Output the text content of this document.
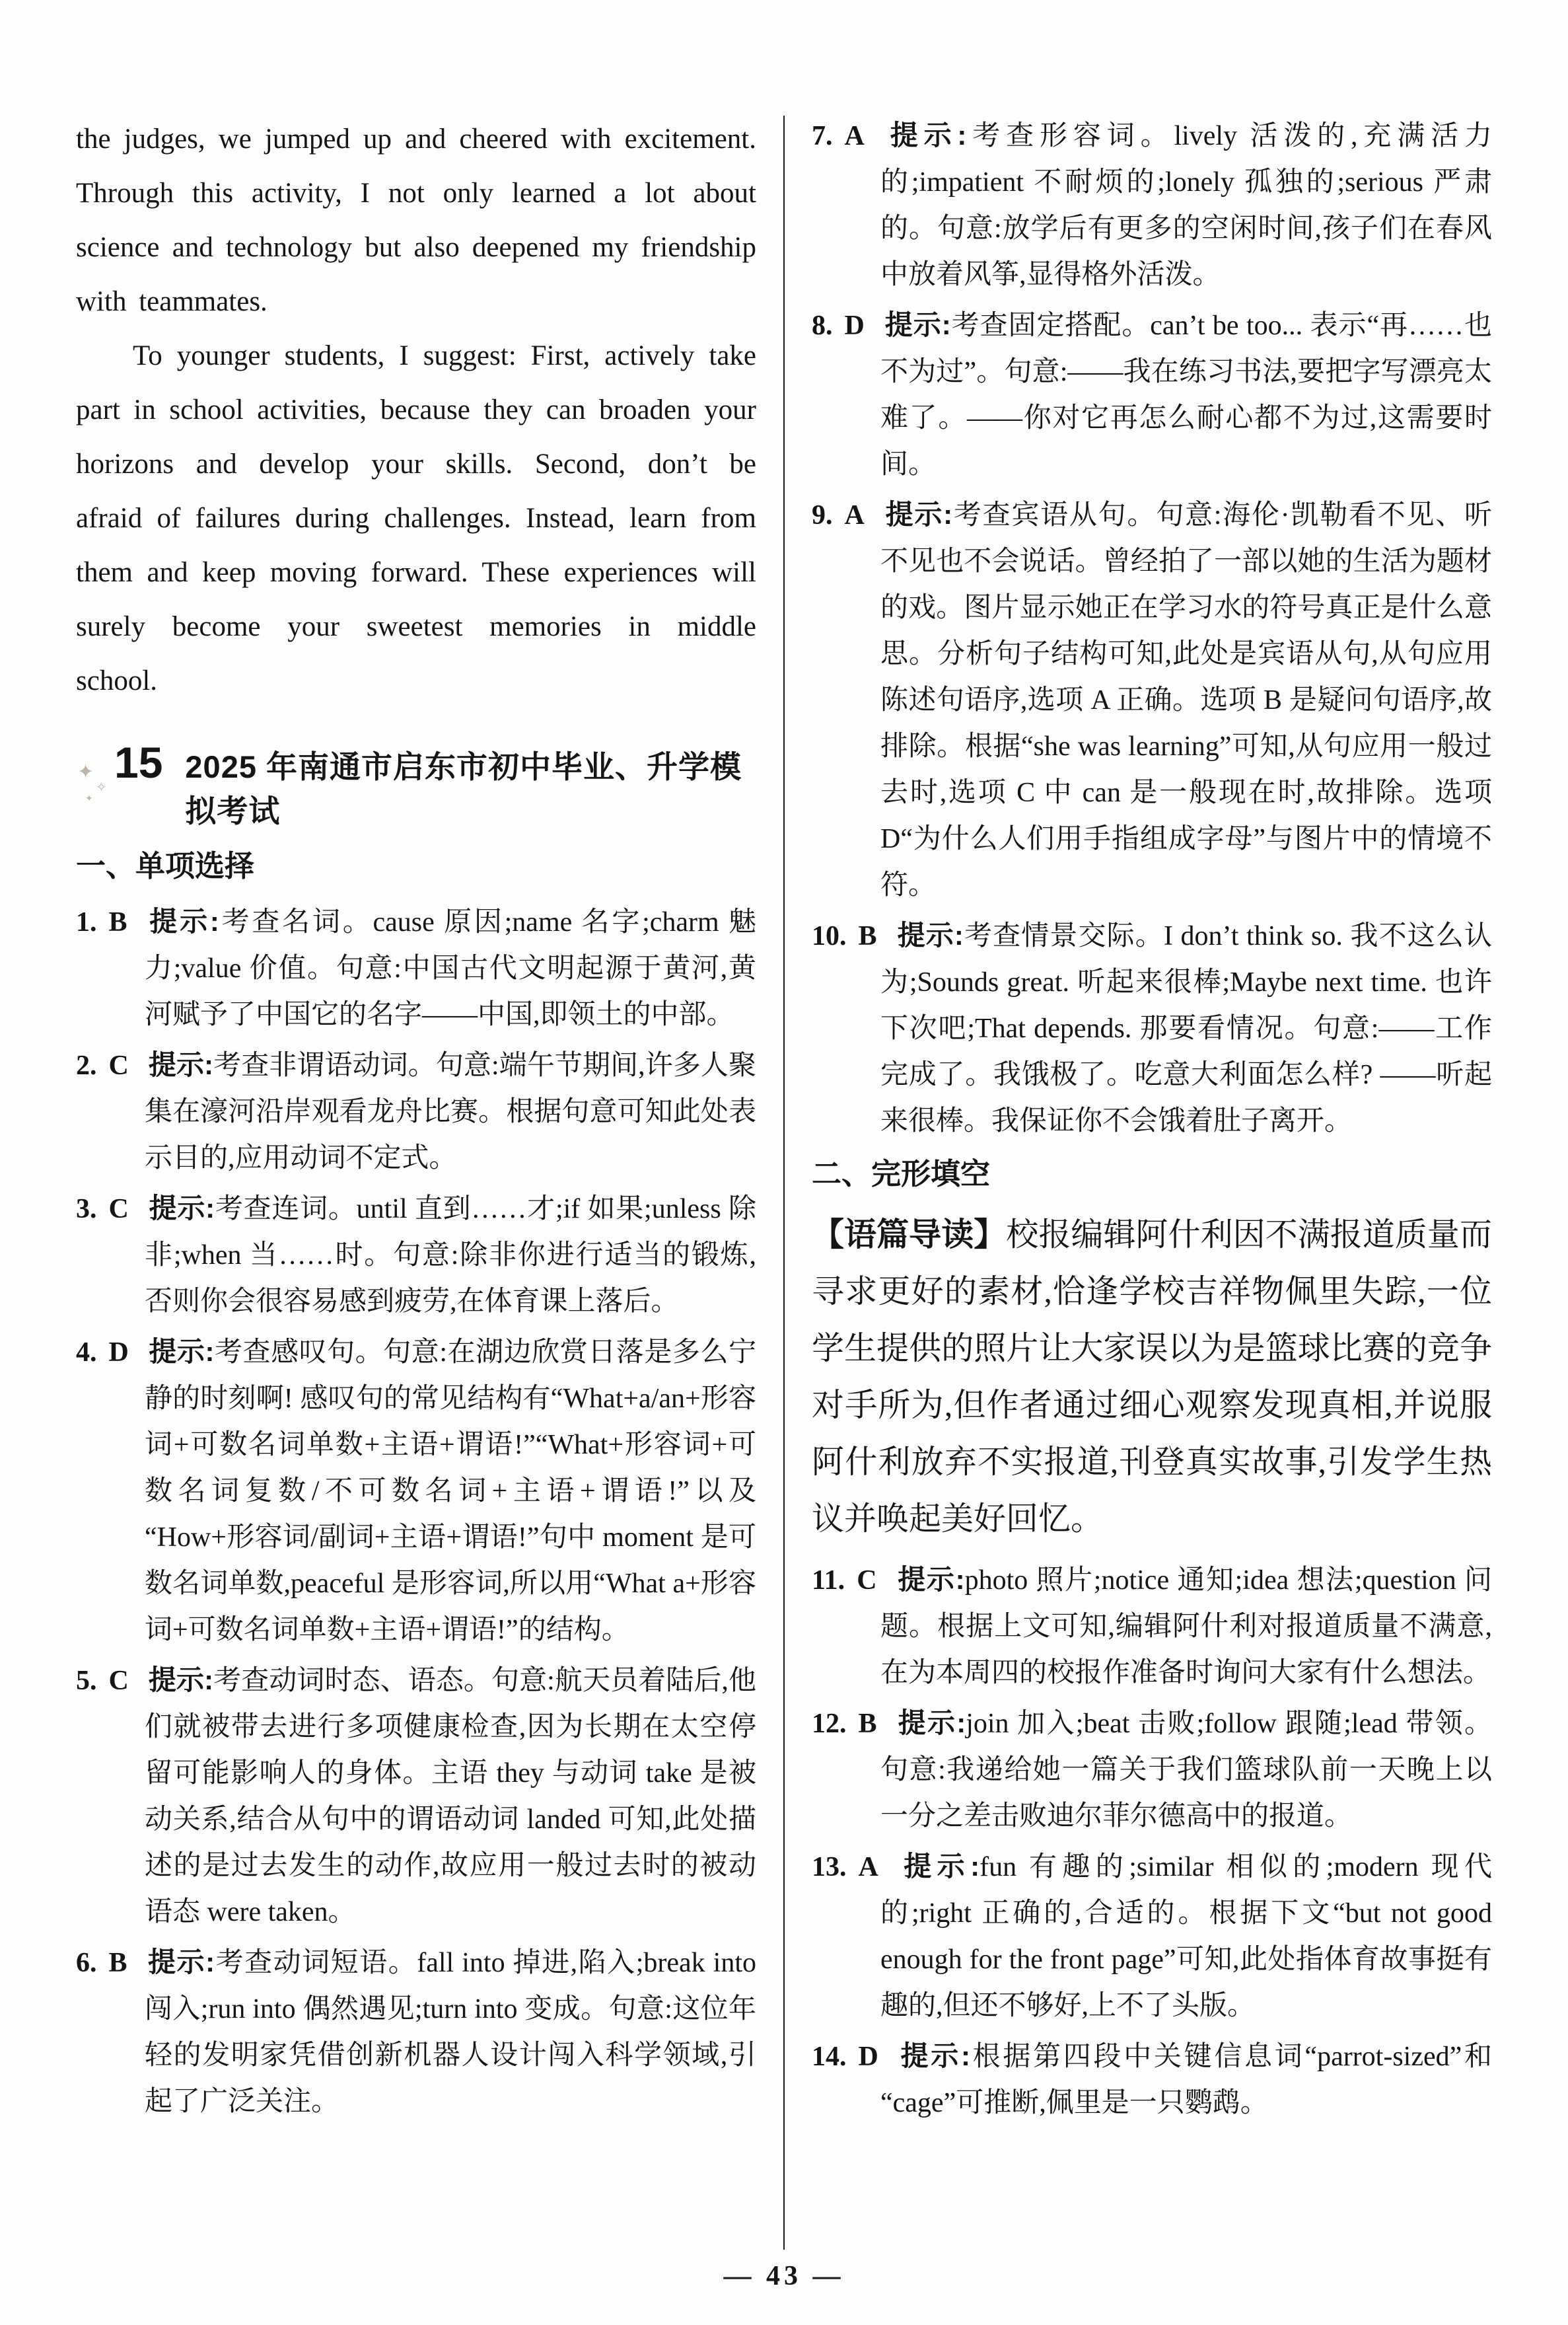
the judges, we jumped up and cheered with excitement. Through this activity, I not only learned a lot about science and technology but also deepened my friendship with teammates.

To younger students, I suggest: First, actively take part in school activities, because they can broaden your horizons and develop your skills. Second, don’t be afraid of failures during challenges. Instead, learn from them and keep moving forward. These experiences will surely become your sweetest memories in middle school.

✦
✧
✦
15 2025 年南通市启东市初中毕业、升学模拟考试
一、单项选择
1. B 提示:考查名词。cause 原因;name 名字;charm 魅力;value 价值。句意:中国古代文明起源于黄河,黄河赋予了中国它的名字——中国,即领土的中部。
2. C 提示:考查非谓语动词。句意:端午节期间,许多人聚集在濠河沿岸观看龙舟比赛。根据句意可知此处表示目的,应用动词不定式。
3. C 提示:考查连词。until 直到……才;if 如果;unless 除非;when 当……时。句意:除非你进行适当的锻炼,否则你会很容易感到疲劳,在体育课上落后。
4. D 提示:考查感叹句。句意:在湖边欣赏日落是多么宁静的时刻啊! 感叹句的常见结构有“What+a/an+形容词+可数名词单数+主语+谓语!”“What+形容词+可数名词复数/不可数名词+主语+谓语!”以及“How+形容词/副词+主语+谓语!”句中 moment 是可数名词单数,peaceful 是形容词,所以用“What a+形容词+可数名词单数+主语+谓语!”的结构。
5. C 提示:考查动词时态、语态。句意:航天员着陆后,他们就被带去进行多项健康检查,因为长期在太空停留可能影响人的身体。主语 they 与动词 take 是被动关系,结合从句中的谓语动词 landed 可知,此处描述的是过去发生的动作,故应用一般过去时的被动语态 were taken。
6. B 提示:考查动词短语。fall into 掉进,陷入;break into 闯入;run into 偶然遇见;turn into 变成。句意:这位年轻的发明家凭借创新机器人设计闯入科学领域,引起了广泛关注。
7. A 提示:考查形容词。lively 活泼的,充满活力的;impatient 不耐烦的;lonely 孤独的;serious 严肃的。句意:放学后有更多的空闲时间,孩子们在春风中放着风筝,显得格外活泼。
8. D 提示:考查固定搭配。can’t be too... 表示“再……也不为过”。句意:——我在练习书法,要把字写漂亮太难了。——你对它再怎么耐心都不为过,这需要时间。
9. A 提示:考查宾语从句。句意:海伦·凯勒看不见、听不见也不会说话。曾经拍了一部以她的生活为题材的戏。图片显示她正在学习水的符号真正是什么意思。分析句子结构可知,此处是宾语从句,从句应用陈述句语序,选项 A 正确。选项 B 是疑问句语序,故排除。根据“she was learning”可知,从句应用一般过去时,选项 C 中 can 是一般现在时,故排除。选项 D“为什么人们用手指组成字母”与图片中的情境不符。
10. B 提示:考查情景交际。I don’t think so. 我不这么认为;Sounds great. 听起来很棒;Maybe next time. 也许下次吧;That depends. 那要看情况。句意:——工作完成了。我饿极了。吃意大利面怎么样? ——听起来很棒。我保证你不会饿着肚子离开。
二、完形填空
【语篇导读】校报编辑阿什利因不满报道质量而寻求更好的素材,恰逢学校吉祥物佩里失踪,一位学生提供的照片让大家误以为是篮球比赛的竞争对手所为,但作者通过细心观察发现真相,并说服阿什利放弃不实报道,刊登真实故事,引发学生热议并唤起美好回忆。
11. C 提示:photo 照片;notice 通知;idea 想法;question 问题。根据上文可知,编辑阿什利对报道质量不满意,在为本周四的校报作准备时询问大家有什么想法。
12. B 提示:join 加入;beat 击败;follow 跟随;lead 带领。句意:我递给她一篇关于我们篮球队前一天晚上以一分之差击败迪尔菲尔德高中的报道。
13. A 提示:fun 有趣的;similar 相似的;modern 现代的;right 正确的,合适的。根据下文“but not good enough for the front page”可知,此处指体育故事挺有趣的,但还不够好,上不了头版。
14. D 提示:根据第四段中关键信息词“parrot-sized”和“cage”可推断,佩里是一只鹦鹉。
— 43 —
